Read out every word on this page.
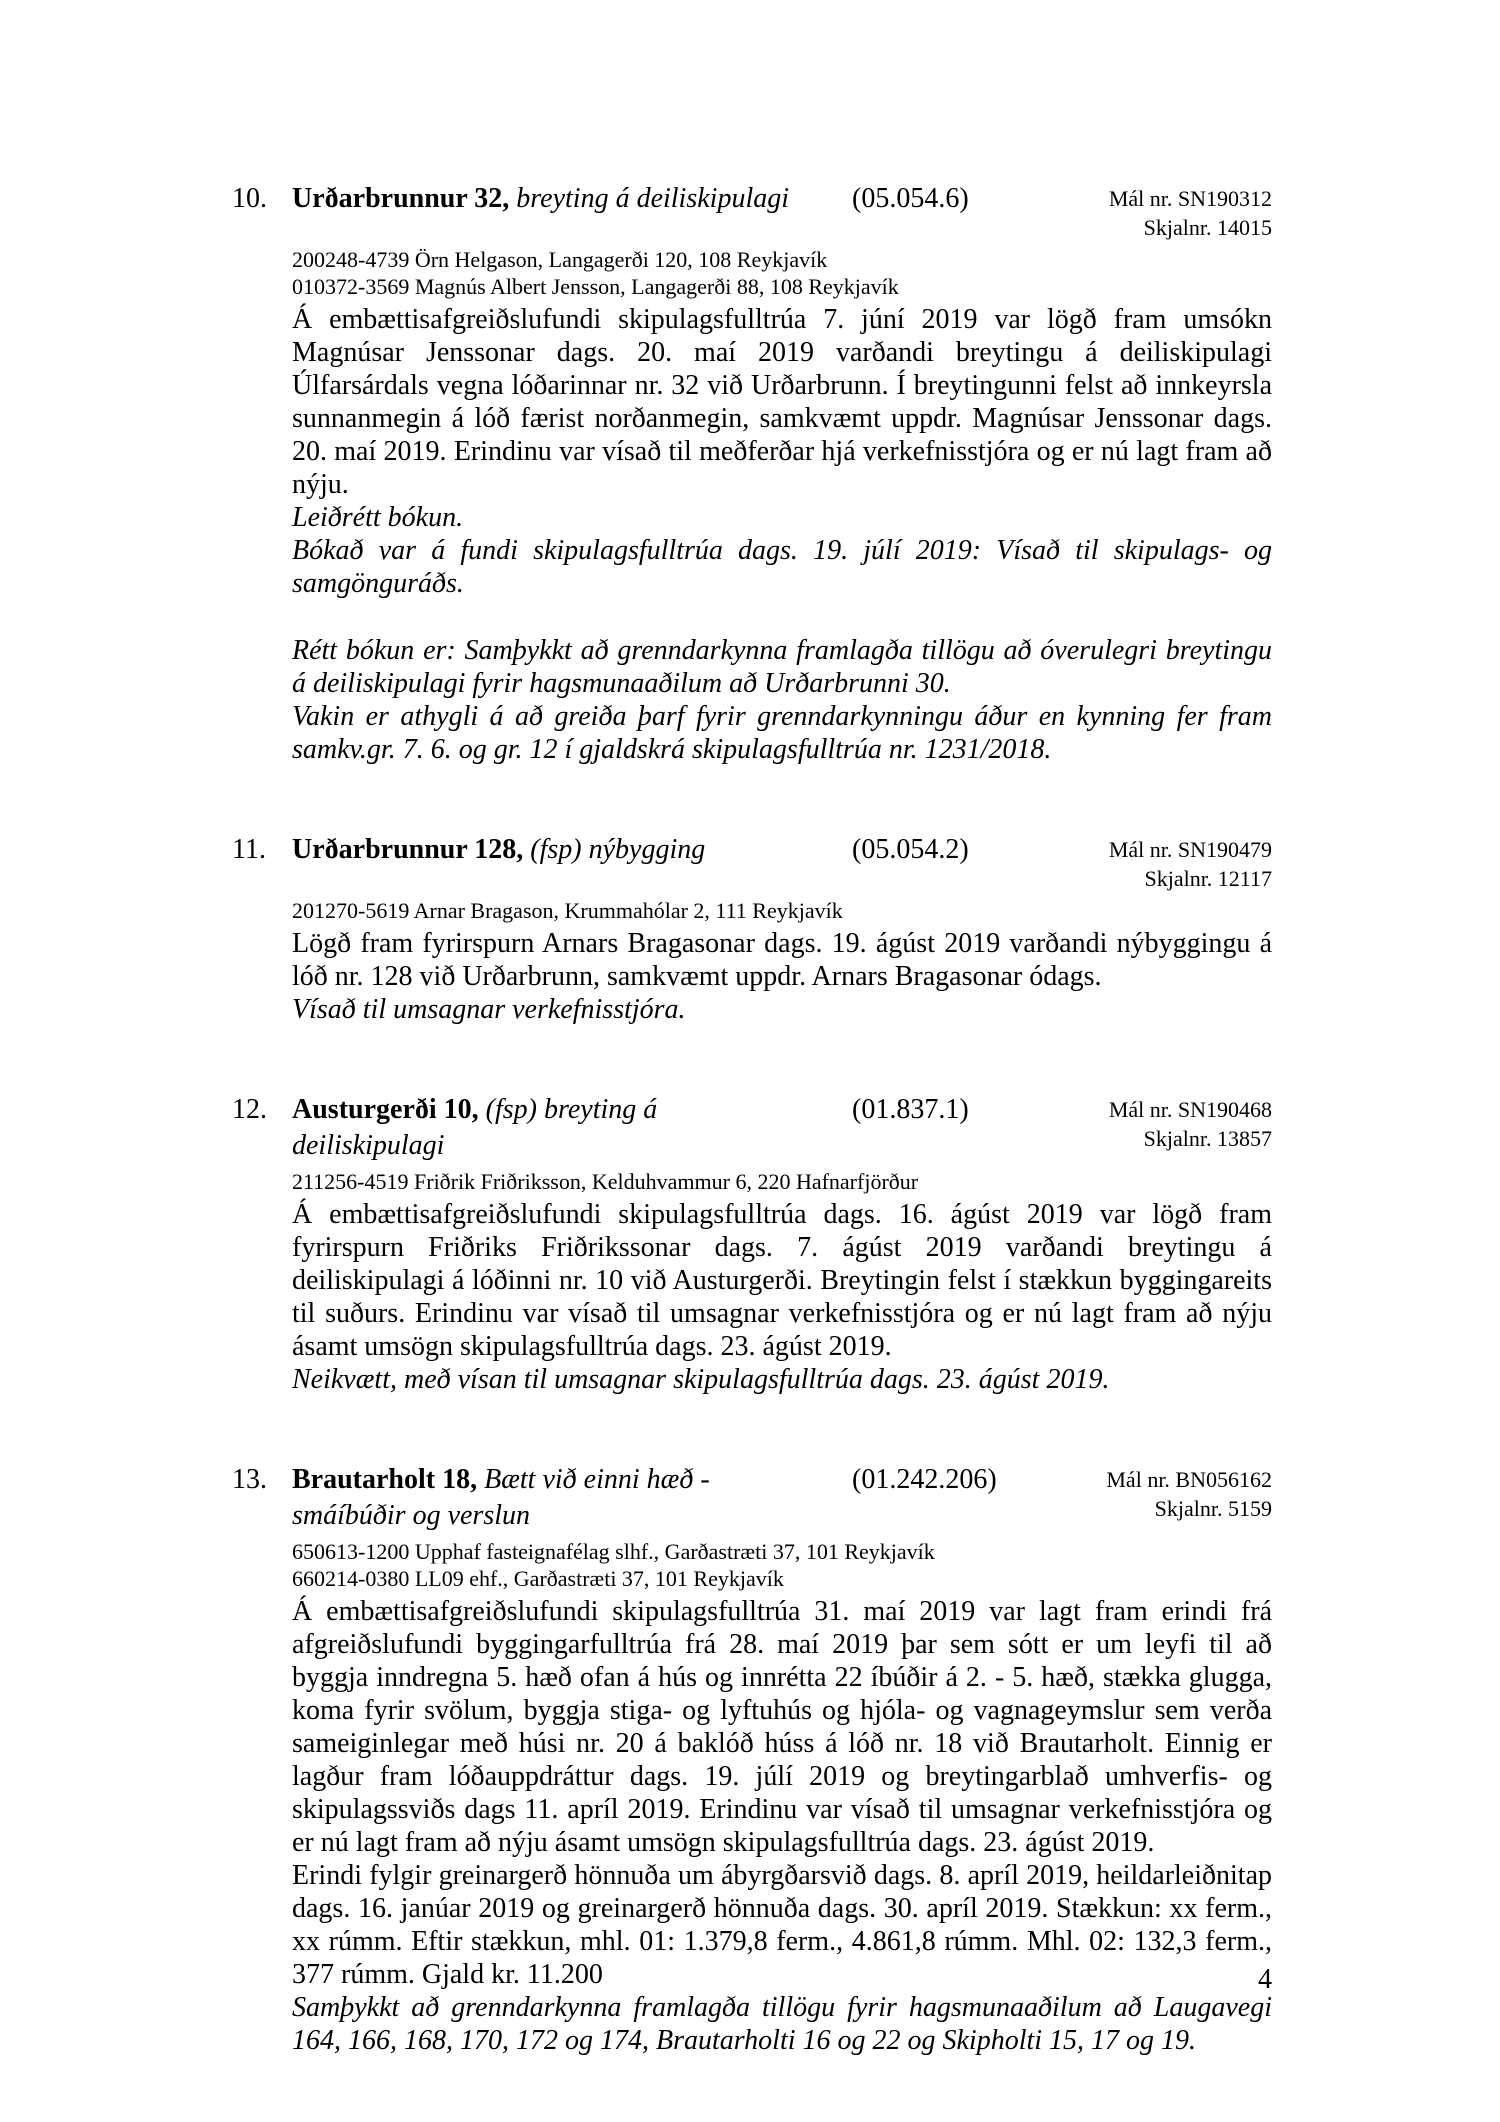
10. Urðarbrunnur 32, breyting á deiliskipulagi	(05.054.6)	Mál nr. SN190312
Skjalnr. 14015
200248-4739 Örn Helgason, Langagerði 120, 108 Reykjavík
010372-3569 Magnús Albert Jensson, Langagerði 88, 108 Reykjavík

Á embættisafgreiðslufundi skipulagsfulltrúa 7. júní 2019 var lögð fram umsókn Magnúsar Jenssonar dags. 20. maí 2019 varðandi breytingu á deiliskipulagi Úlfarsárdals vegna lóðarinnar nr. 32 við Urðarbrunn. Í breytingunni felst að innkeyrsla sunnanmegin á lóð færist norðanmegin, samkvæmt uppdr. Magnúsar Jenssonar dags. 20. maí 2019. Erindinu var vísað til meðferðar hjá verkefnisstjóra og er nú lagt fram að nýju.

Leiðrétt bókun.

Bókað var á fundi skipulagsfulltrúa dags. 19. júlí 2019: Vísað til skipulags- og samgönguráðs.

Rétt bókun er: Samþykkt að grenndarkynna framlagða tillögu að óverulegri breytingu á deiliskipulagi fyrir hagsmunaaðilum að Urðarbrunni 30.

Vakin er athygli á að greiða þarf fyrir grenndarkynningu áður en kynning fer fram samkv.gr. 7. 6. og gr. 12 í gjaldskrá skipulagsfulltrúa nr. 1231/2018.

11. Urðarbrunnur 128, (fsp) nýbygging	(05.054.2)	Mál nr. SN190479
Skjalnr. 12117
201270-5619 Arnar Bragason, Krummahólar 2, 111 Reykjavík

Lögð fram fyrirspurn Arnars Bragasonar dags. 19. ágúst 2019 varðandi nýbyggingu á lóð nr. 128 við Urðarbrunn, samkvæmt uppdr. Arnars Bragasonar ódags.

Vísað til umsagnar verkefnisstjóra.

12. Austurgerði 10, (fsp) breyting á
deiliskipulagi
(01.837.1)	Mál nr. SN190468
Skjalnr. 13857
211256-4519 Friðrik Friðriksson, Kelduhvammur 6, 220 Hafnarfjörður

Á embættisafgreiðslufundi skipulagsfulltrúa dags. 16. ágúst 2019 var lögð fram fyrirspurn Friðriks Friðrikssonar dags. 7. ágúst 2019 varðandi breytingu á deiliskipulagi á lóðinni nr. 10 við Austurgerði. Breytingin felst í stækkun byggingareits til suðurs. Erindinu var vísað til umsagnar verkefnisstjóra og er nú lagt fram að nýju ásamt umsögn skipulagsfulltrúa dags. 23. ágúst 2019.

Neikvætt, með vísan til umsagnar skipulagsfulltrúa dags. 23. ágúst 2019.

13. Brautarholt 18, Bætt við einni hæð -
smáíbúðir og verslun
(01.242.206)	Mál nr. BN056162
Skjalnr. 5159
650613-1200 Upphaf fasteignafélag slhf., Garðastræti 37, 101 Reykjavík
660214-0380 LL09 ehf., Garðastræti 37, 101 Reykjavík

Á embættisafgreiðslufundi skipulagsfulltrúa 31. maí 2019 var lagt fram erindi frá afgreiðslufundi byggingarfulltrúa frá 28. maí 2019 þar sem sótt er um leyfi til að byggja inndregna 5. hæð ofan á hús og innrétta 22 íbúðir á 2. - 5. hæð, stækka glugga, koma fyrir svölum, byggja stiga- og lyftuhús og hjóla- og vagnageymslur sem verða sameiginlegar með húsi nr. 20 á baklóð húss á lóð nr. 18 við Brautarholt. Einnig er lagður fram lóðauppdráttur dags. 19. júlí 2019 og breytingarblað umhverfis- og skipulagssviðs dags 11. apríl 2019. Erindinu var vísað til umsagnar verkefnisstjóra og er nú lagt fram að nýju ásamt umsögn skipulagsfulltrúa dags. 23. ágúst 2019.

Erindi fylgir greinargerð hönnuða um ábyrgðarsvið dags. 8. apríl 2019, heildarleiðnitap dags. 16. janúar 2019 og greinargerð hönnuða dags. 30. apríl 2019. Stækkun: xx ferm., xx rúmm. Eftir stækkun, mhl. 01: 1.379,8 ferm., 4.861,8 rúmm. Mhl. 02: 132,3 ferm., 377 rúmm. Gjald kr. 11.200

Samþykkt að grenndarkynna framlagða tillögu fyrir hagsmunaaðilum að Laugavegi 164, 166, 168, 170, 172 og 174, Brautarholti 16 og 22 og Skipholti 15, 17 og 19.

4
